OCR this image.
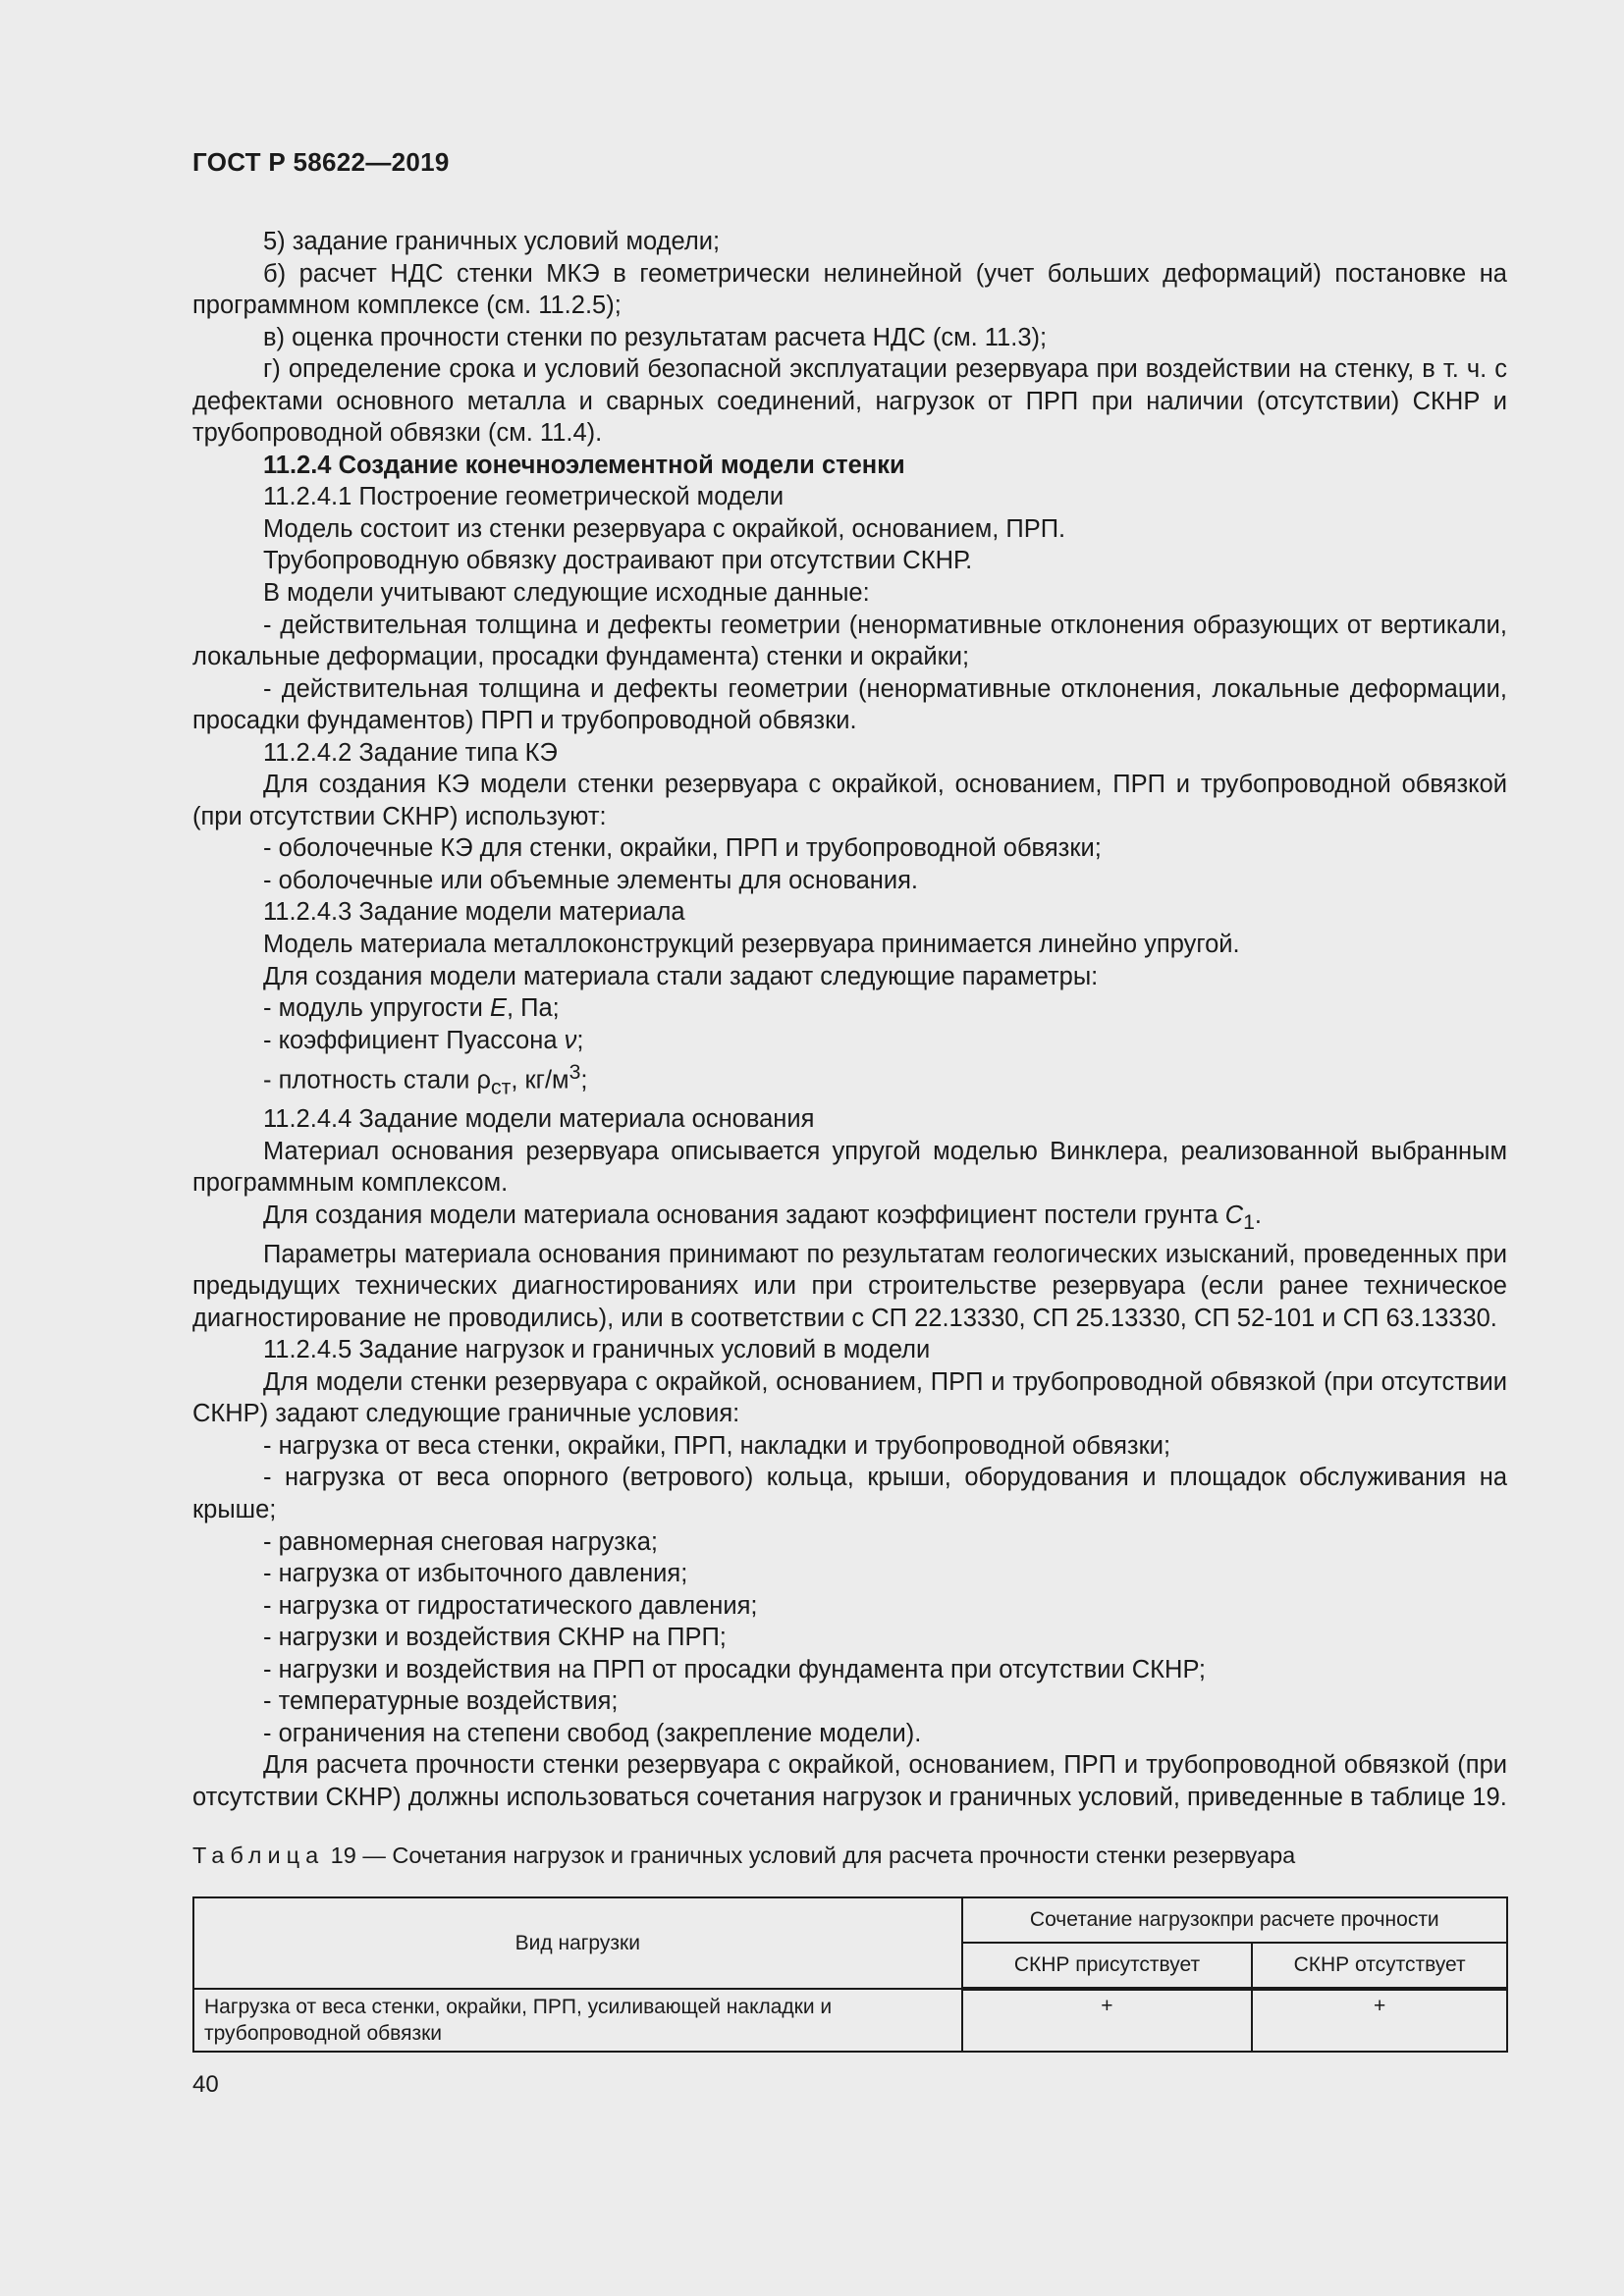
ГОСТ Р 58622—2019

5) задание граничных условий модели;

б) расчет НДС стенки МКЭ в геометрически нелинейной (учет больших деформаций) постановке на программном комплексе (см. 11.2.5);

в) оценка прочности стенки по результатам расчета НДС (см. 11.3);

г) определение срока и условий безопасной эксплуатации резервуара при воздействии на стенку, в т. ч. с дефектами основного металла и сварных соединений, нагрузок от ПРП при наличии (отсутствии) СКНР и трубопроводной обвязки (см. 11.4).

11.2.4 Создание конечноэлементной модели стенки

11.2.4.1 Построение геометрической модели

Модель состоит из стенки резервуара с окрайкой, основанием, ПРП.

Трубопроводную обвязку достраивают при отсутствии СКНР.

В модели учитывают следующие исходные данные:

- действительная толщина и дефекты геометрии (ненормативные отклонения образующих от вертикали, локальные деформации, просадки фундамента) стенки и окрайки;

- действительная толщина и дефекты геометрии (ненормативные отклонения, локальные деформации, просадки фундаментов) ПРП и трубопроводной обвязки.

11.2.4.2 Задание типа КЭ

Для создания КЭ модели стенки резервуара с окрайкой, основанием, ПРП и трубопроводной обвязкой (при отсутствии СКНР) используют:

- оболочечные КЭ для стенки, окрайки, ПРП и трубопроводной обвязки;

- оболочечные или объемные элементы для основания.

11.2.4.3 Задание модели материала

Модель материала металлоконструкций резервуара принимается линейно упругой.

Для создания модели материала стали задают следующие параметры:

- модуль упругости E, Па;

- коэффициент Пуассона ν;

- плотность стали $\rho_{ст}$, $кг/м^3$;

11.2.4.4 Задание модели материала основания

Материал основания резервуара описывается упругой моделью Винклера, реализованной выбранным программным комплексом.

Для создания модели материала основания задают коэффициент постели грунта $C_1$.

Параметры материала основания принимают по результатам геологических изысканий, проведенных при предыдущих технических диагностированиях или при строительстве резервуара (если ранее техническое диагностирование не проводились), или в соответствии с СП 22.13330, СП 25.13330, СП 52-101 и СП 63.13330.

11.2.4.5 Задание нагрузок и граничных условий в модели

Для модели стенки резервуара с окрайкой, основанием, ПРП и трубопроводной обвязкой (при отсутствии СКНР) задают следующие граничные условия:

- нагрузка от веса стенки, окрайки, ПРП, накладки и трубопроводной обвязки;

- нагрузка от веса опорного (ветрового) кольца, крыши, оборудования и площадок обслуживания на крыше;

- равномерная снеговая нагрузка;

- нагрузка от избыточного давления;

- нагрузка от гидростатического давления;

- нагрузки и воздействия СКНР на ПРП;

- нагрузки и воздействия на ПРП от просадки фундамента при отсутствии СКНР;

- температурные воздействия;

- ограничения на степени свобод (закрепление модели).

Для расчета прочности стенки резервуара с окрайкой, основанием, ПРП и трубопроводной обвязкой (при отсутствии СКНР) должны использоваться сочетания нагрузок и граничных условий, приведенные в таблице 19.

Таблица 19 — Сочетания нагрузок и граничных условий для расчета прочности стенки резервуара
Вид нагрузки	Сочетание нагрузокпри расчете прочности	
	СКНР присутствует	СКНР отсутствует
Нагрузка от веса стенки, окрайки, ПРП, усиливающей накладки и трубопроводной обвязки	+	+
40
